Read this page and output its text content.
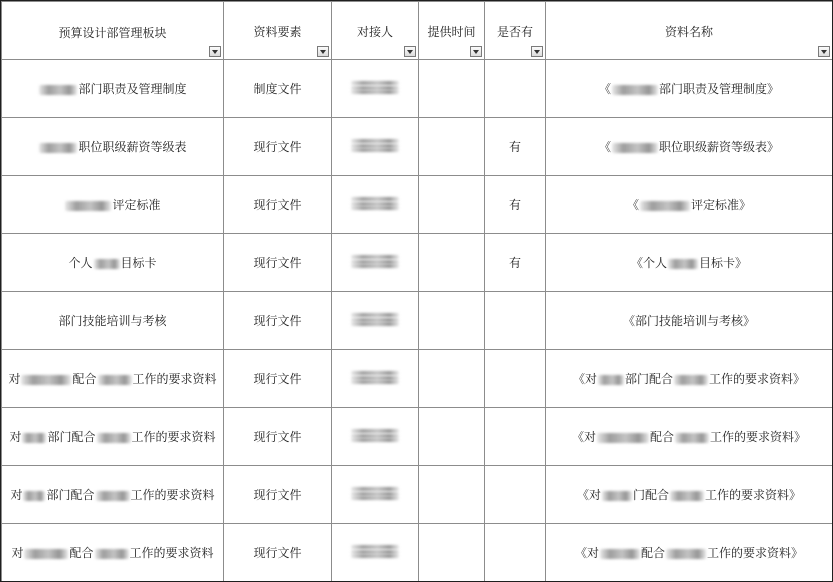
预算设计部管理板块	资料要素	对接人	提供时间	是否有	资料名称

部门职责及管理制度	制度文件				《 部门职责及管理制度》
职位职级薪资等级表	现行文件			有	《 职位职级薪资等级表》
评定标准	现行文件			有	《 评定标准》
个人 目标卡	现行文件			有	《个人 目标卡》
部门技能培训与考核	现行文件				《部门技能培训与考核》
对 配合 工作的要求资料	现行文件				《对 部门配合 工作的要求资料》
对 部门配合 工作的要求资料	现行文件				《对 配合 工作的要求资料》
对 部门配合 工作的要求资料	现行文件				《对 门配合 工作的要求资料》
对 配合 工作的要求资料	现行文件				《对 配合 工作的要求资料》
